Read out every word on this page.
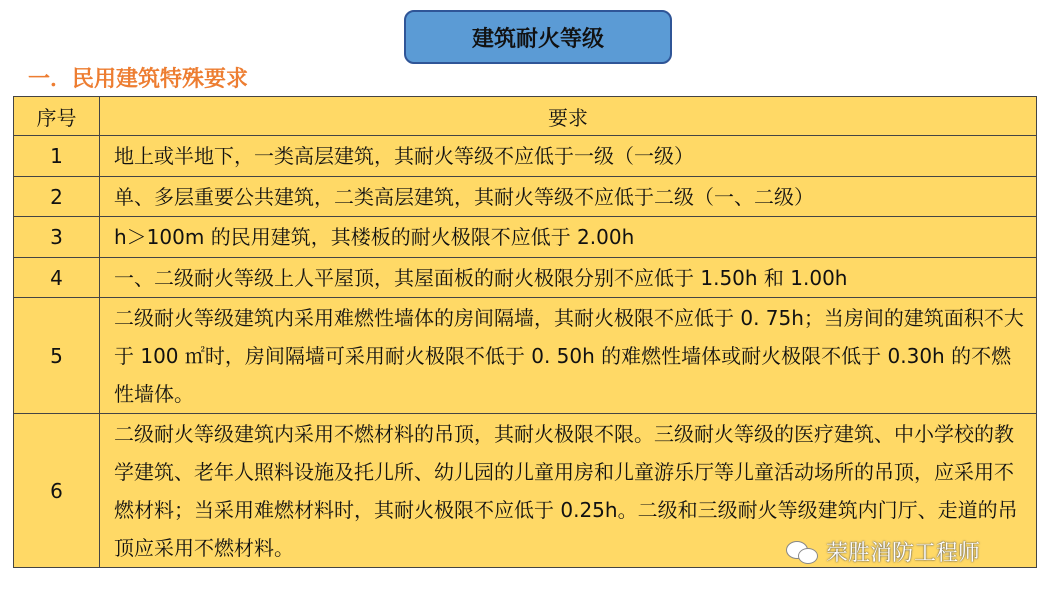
建筑耐火等级
一．民用建筑特殊要求
序号	要求
1	地上或半地下，一类高层建筑，其耐火等级不应低于一级（一级）
2	单、多层重要公共建筑，二类高层建筑，其耐火等级不应低于二级（一、二级）
3	h＞100m 的民用建筑，其楼板的耐火极限不应低于 2.00h
4	一、二级耐火等级上人平屋顶，其屋面板的耐火极限分别不应低于 1.50h 和 1.00h
5	二级耐火等级建筑内采用难燃性墙体的房间隔墙，其耐火极限不应低于 0. 75h；当房间的建筑面积不大于 100 ㎡时，房间隔墙可采用耐火极限不低于 0. 50h 的难燃性墙体或耐火极限不低于 0.30h 的不燃性墙体。
6	二级耐火等级建筑内采用不燃材料的吊顶，其耐火极限不限。三级耐火等级的医疗建筑、中小学校的教学建筑、老年人照料设施及托儿所、幼儿园的儿童用房和儿童游乐厅等儿童活动场所的吊顶，应采用不燃材料；当采用难燃材料时，其耐火极限不应低于 0.25h。二级和三级耐火等级建筑内门厅、走道的吊顶应采用不燃材料。	荣胜消防工程师
